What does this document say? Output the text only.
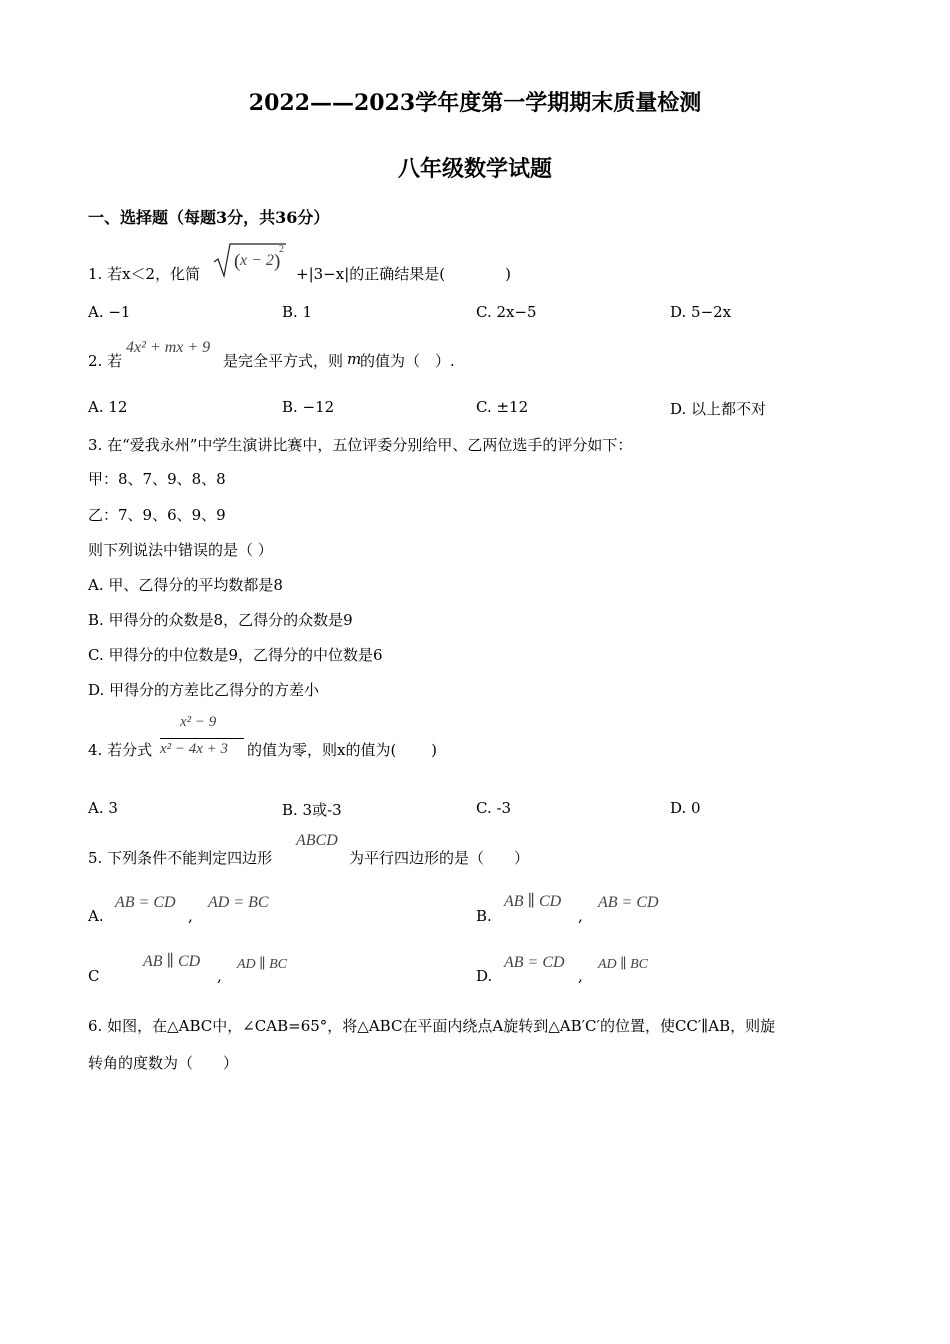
2022——2023学年度第一学期期末质量检测
八年级数学试题
一、选择题（每题3分，共36分）
1. 若x＜2，化简
( )
x − 2
2
+|3−x|的正确结果是(　　　　)
A. −1	B. 1	C. 2x−5	D. 5−2x
2. 若
4x² + mx + 9
是完全平方式，则 m
的值为（　）.
A. 12	B. −12	C. ±12	D. 以上都不对
3. 在“爱我永州”中学生演讲比赛中，五位评委分别给甲、乙两位选手的评分如下：
甲：8、7、9、8、8
乙：7、9、6、9、9
则下列说法中错误的是（ ）
A. 甲、乙得分的平均数都是8
B. 甲得分的众数是8，乙得分的众数是9
C. 甲得分的中位数是9，乙得分的中位数是6
D. 甲得分的方差比乙得分的方差小
4. 若分式
x² − 9
x² − 4x + 3 的值为零，则x的值为(　　 )
A. 3	B. 3或-3	C. -3	D. 0
5. 下列条件不能判定四边形
ABCD
为平行四边形的是（　　）
A.
AB = CD
,
AD = BC
B.
AB ∥ CD
,
AB = CD
C
AB ∥ CD
,
AD ∥ BC
D.
AB = CD
,
AD ∥ BC
6. 如图，在△ABC中，∠CAB=65°，将△ABC在平面内绕点A旋转到△AB′C′的位置，使CC′∥AB，则旋
转角的度数为（　　）
